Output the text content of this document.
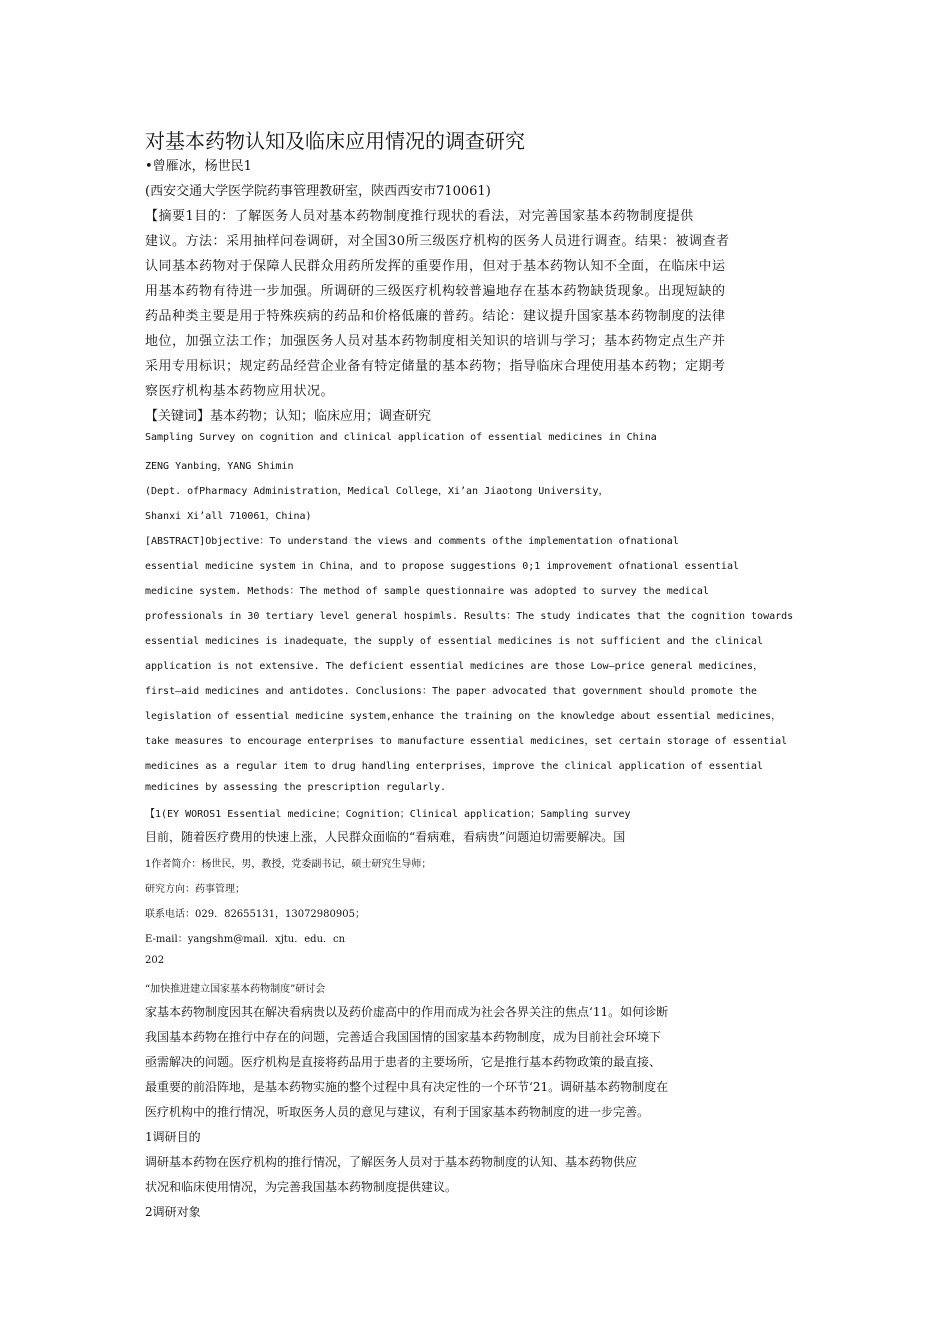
对基本药物认知及临床应用情况的调查研究
•曾雁冰，杨世民1
(西安交通大学医学院药事管理教研室，陕西西安市710061)
【摘要1目的：了解医务人员对基本药物制度推行现状的看法，对完善国家基本药物制度提供
建议。方法：采用抽样问卷调研，对全国30所三级医疗机构的医务人员进行调查。结果：被调查者
认同基本药物对于保障人民群众用药所发挥的重要作用，但对于基本药物认知不全面，在临床中运
用基本药物有待进一步加强。所调研的三级医疗机构较普遍地存在基本药物缺货现象。出现短缺的
药品种类主要是用于特殊疾病的药品和价格低廉的普药。结论：建议提升国家基本药物制度的法律
地位，加强立法工作；加强医务人员对基本药物制度相关知识的培训与学习；基本药物定点生产并
采用专用标识；规定药品经营企业备有特定储量的基本药物；指导临床合理使用基本药物；定期考
察医疗机构基本药物应用状况。
【关键词】基本药物；认知；临床应用；调查研究
Sampling Survey on cognition and clinical application of essential medicines in China
ZENG Yanbing，YANG Shimin
(Dept. ofPharmacy Administration，Medical College，Xi’an Jiaotong University，
Shanxi Xi’all 710061，China)
[ABSTRACT]Objective：To understand the views and comments ofthe implementation ofnational
essential medicine system in China，and to propose suggestions 0;1 improvement ofnational essential
medicine system. Methods：The method of sample questionnaire was adopted to survey the medical
professionals in 30 tertiary level general hospimls. Results：The study indicates that the cognition towards
essential medicines is inadequate，the supply of essential medicines is not sufficient and the clinical
application is not extensive. The deficient essential medicines are those Low—price general medicines，
first—aid medicines and antidotes. Conclusions：The paper advocated that government should promote the
legislation of essential medicine system,enhance the training on the knowledge about essential medicines，
take measures to encourage enterprises to manufacture essential medicines，set certain storage of essential
medicines as a regular item to drug handling enterprises，improve the clinical application of essential
medicines by assessing the prescription regularly.
【1(EY WOROS1 Essential medicine；Cognition；Clinical application；Sampling survey
目前，随着医疗费用的快速上涨，人民群众面临的“看病难，看病贵”问题迫切需要解决。国
1作者简介：杨世民，男，教授，党委副书记，硕士研究生导师；
研究方向：药事管理；
联系电话：029．82655131，13072980905；
E-mail：yangshm@mail．xjtu．edu．cn
202
“加快推进建立国家基本药物制度”研讨会
家基本药物制度因其在解决看病贵以及药价虚高中的作用而成为社会各界关注的焦点‘11。如何诊断
我国基本药物在推行中存在的问题，完善适合我国国情的国家基本药物制度，成为目前社会环境下
亟需解决的问题。医疗机构是直接将药品用于患者的主要场所，它是推行基本药物政策的最直接、
最重要的前沿阵地，是基本药物实施的整个过程中具有决定性的一个环节‘21。调研基本药物制度在
医疗机构中的推行情况，听取医务人员的意见与建议，有利于国家基本药物制度的进一步完善。
1调研目的
调研基本药物在医疗机构的推行情况，了解医务人员对于基本药物制度的认知、基本药物供应
状况和临床使用情况，为完善我国基本药物制度提供建议。
2调研对象
